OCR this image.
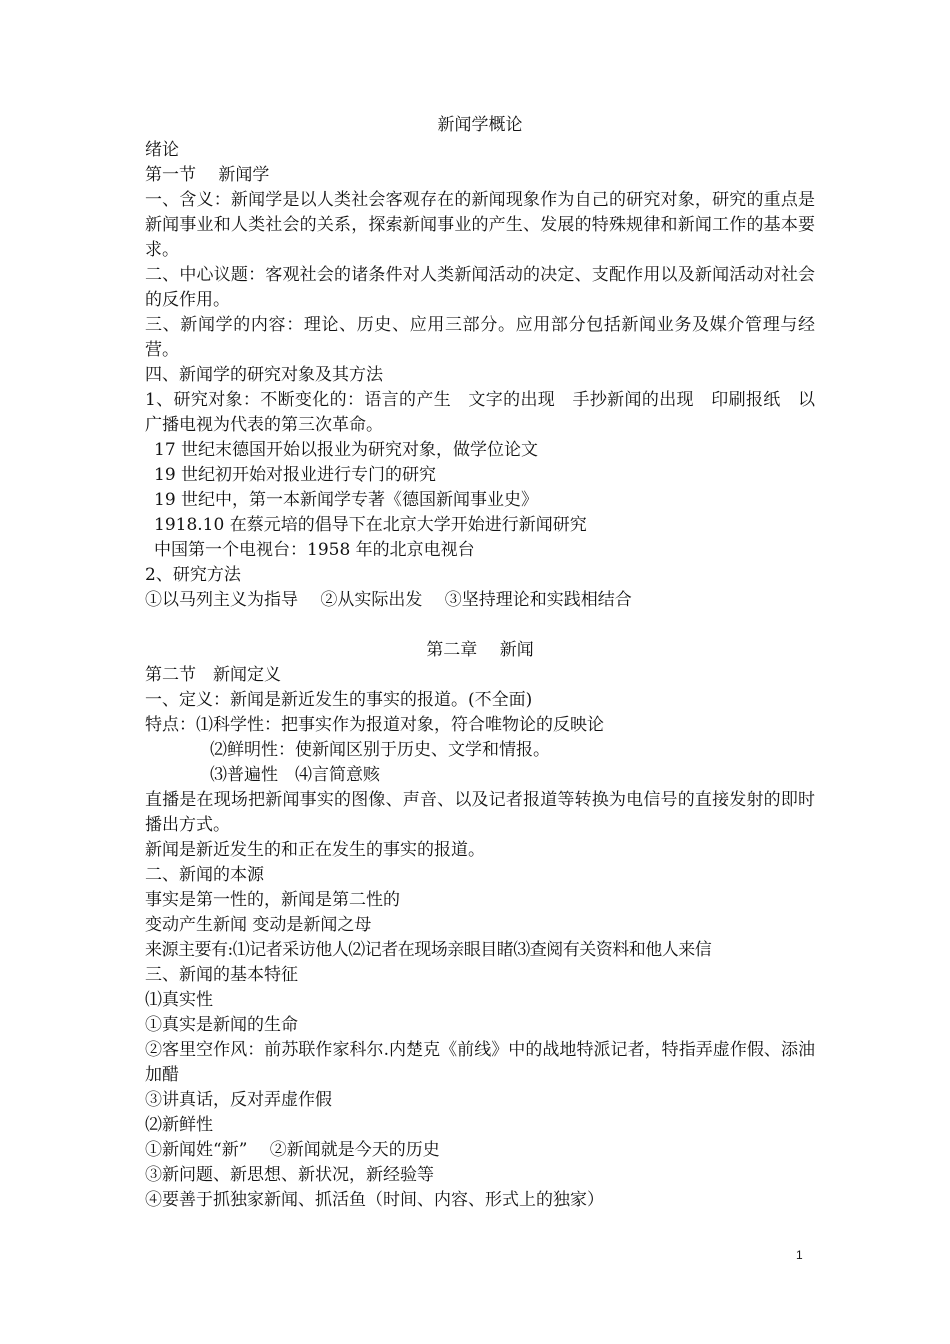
新闻学概论
绪论
第一节　 新闻学
一、含义：新闻学是以人类社会客观存在的新闻现象作为自己的研究对象，研究的重点是新闻事业和人类社会的关系，探索新闻事业的产生、发展的特殊规律和新闻工作的基本要求。
二、中心议题：客观社会的诸条件对人类新闻活动的决定、支配作用以及新闻活动对社会的反作用。
三、新闻学的内容：理论、历史、应用三部分。应用部分包括新闻业务及媒介管理与经营。
四、新闻学的研究对象及其方法
1、研究对象：不断变化的：语言的产生　文字的出现　手抄新闻的出现　印刷报纸　以广播电视为代表的第三次革命。
17 世纪末德国开始以报业为研究对象，做学位论文
19 世纪初开始对报业进行专门的研究
19 世纪中，第一本新闻学专著《德国新闻事业史》
1918.10 在蔡元培的倡导下在北京大学开始进行新闻研究
中国第一个电视台：1958 年的北京电视台
2、研究方法
①以马列主义为指导　 ②从实际出发　 ③坚持理论和实践相结合
第二章　 新闻
第二节　新闻定义
一、定义：新闻是新近发生的事实的报道。(不全面)
特点：⑴科学性：把事实作为报道对象，符合唯物论的反映论
⑵鲜明性：使新闻区别于历史、文学和情报。
⑶普遍性　⑷言简意赅
直播是在现场把新闻事实的图像、声音、以及记者报道等转换为电信号的直接发射的即时播出方式。
新闻是新近发生的和正在发生的事实的报道。
二、新闻的本源
事实是第一性的，新闻是第二性的
变动产生新闻 变动是新闻之母
来源主要有:⑴记者采访他人⑵记者在现场亲眼目睹⑶查阅有关资料和他人来信
三、新闻的基本特征
⑴真实性
①真实是新闻的生命
②客里空作风：前苏联作家科尔.内楚克《前线》中的战地特派记者，特指弄虚作假、添油加醋
③讲真话，反对弄虚作假
⑵新鲜性
①新闻姓“新”　 ②新闻就是今天的历史
③新问题、新思想、新状况，新经验等
④要善于抓独家新闻、抓活鱼（时间、内容、形式上的独家）
1
